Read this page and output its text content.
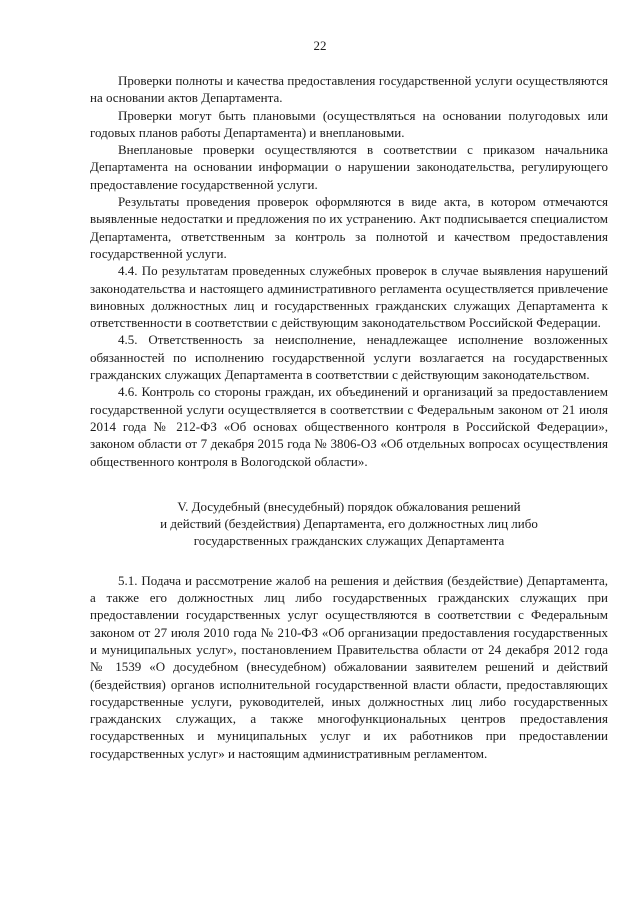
22

Проверки полноты и качества предоставления государственной услуги осуществляются на основании актов Департамента.

Проверки могут быть плановыми (осуществляться на основании полугодовых или годовых планов работы Департамента) и внеплановыми.

Внеплановые проверки осуществляются в соответствии с приказом начальника Департамента на основании информации о нарушении законодательства, регулирующего предоставление государственной услуги.

Результаты проведения проверок оформляются в виде акта, в котором отмечаются выявленные недостатки и предложения по их устранению. Акт подписывается специалистом Департамента, ответственным за контроль за полнотой и качеством предоставления государственной услуги.

4.4. По результатам проведенных служебных проверок в случае выявления нарушений законодательства и настоящего административного регламента осуществляется привлечение виновных должностных лиц и государственных гражданских служащих Департамента к ответственности в соответствии с действующим законодательством Российской Федерации.

4.5. Ответственность за неисполнение, ненадлежащее исполнение возложенных обязанностей по исполнению государственной услуги возлагается на государственных гражданских служащих Департамента в соответствии с действующим законодательством.

4.6. Контроль со стороны граждан, их объединений и организаций за предоставлением государственной услуги осуществляется в соответствии с Федеральным законом от 21 июля 2014 года № 212-ФЗ «Об основах общественного контроля в Российской Федерации», законом области от 7 декабря 2015 года № 3806-ОЗ «Об отдельных вопросах осуществления общественного контроля в Вологодской области».

V. Досудебный (внесудебный) порядок обжалования решений
и действий (бездействия) Департамента, его должностных лиц либо
государственных гражданских служащих Департамента

5.1. Подача и рассмотрение жалоб на решения и действия (бездействие) Департамента, а также его должностных лиц либо государственных гражданских служащих при предоставлении государственных услуг осуществляются в соответствии с Федеральным законом от 27 июля 2010 года № 210-ФЗ «Об организации предоставления государственных и муниципальных услуг», постановлением Правительства области от 24 декабря 2012 года № 1539 «О досудебном (внесудебном) обжаловании заявителем решений и действий (бездействия) органов исполнительной государственной власти области, предоставляющих государственные услуги, руководителей, иных должностных лиц либо государственных гражданских служащих, а также многофункциональных центров предоставления государственных и муниципальных услуг и их работников при предоставлении государственных услуг» и настоящим административным регламентом.
